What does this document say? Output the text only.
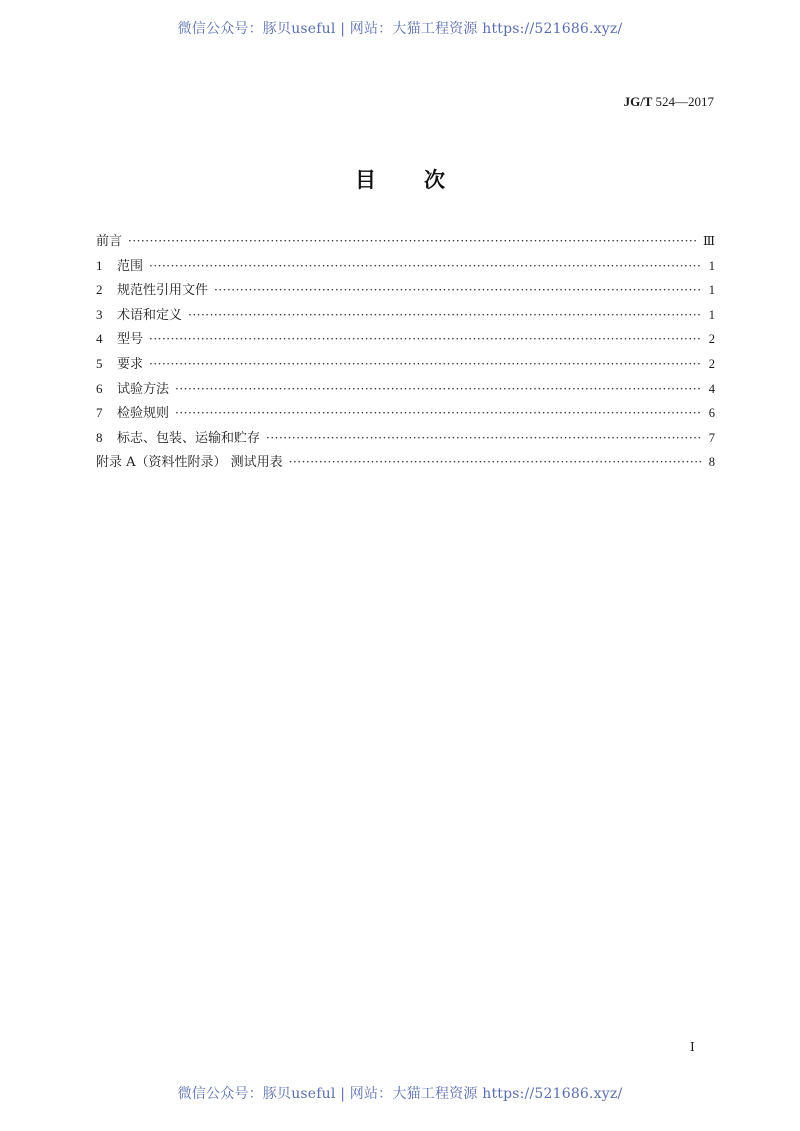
微信公众号：豚贝useful | 网站：大猫工程资源 https://521686.xyz/
JG/T 524—2017
目次
前言 ·····	Ⅲ
1	范围 ·····	1
2	规范性引用文件 ·····	1
3	术语和定义 ·····	1
4	型号 ·····	2
5	要求 ·····	2
6	试验方法 ·····	4
7	检验规则 ·····	6
8	标志、包装、运输和贮存 ·····	7
附录 A（资料性附录） 测试用表 ·····	8
Ⅰ
微信公众号：豚贝useful | 网站：大猫工程资源 https://521686.xyz/
